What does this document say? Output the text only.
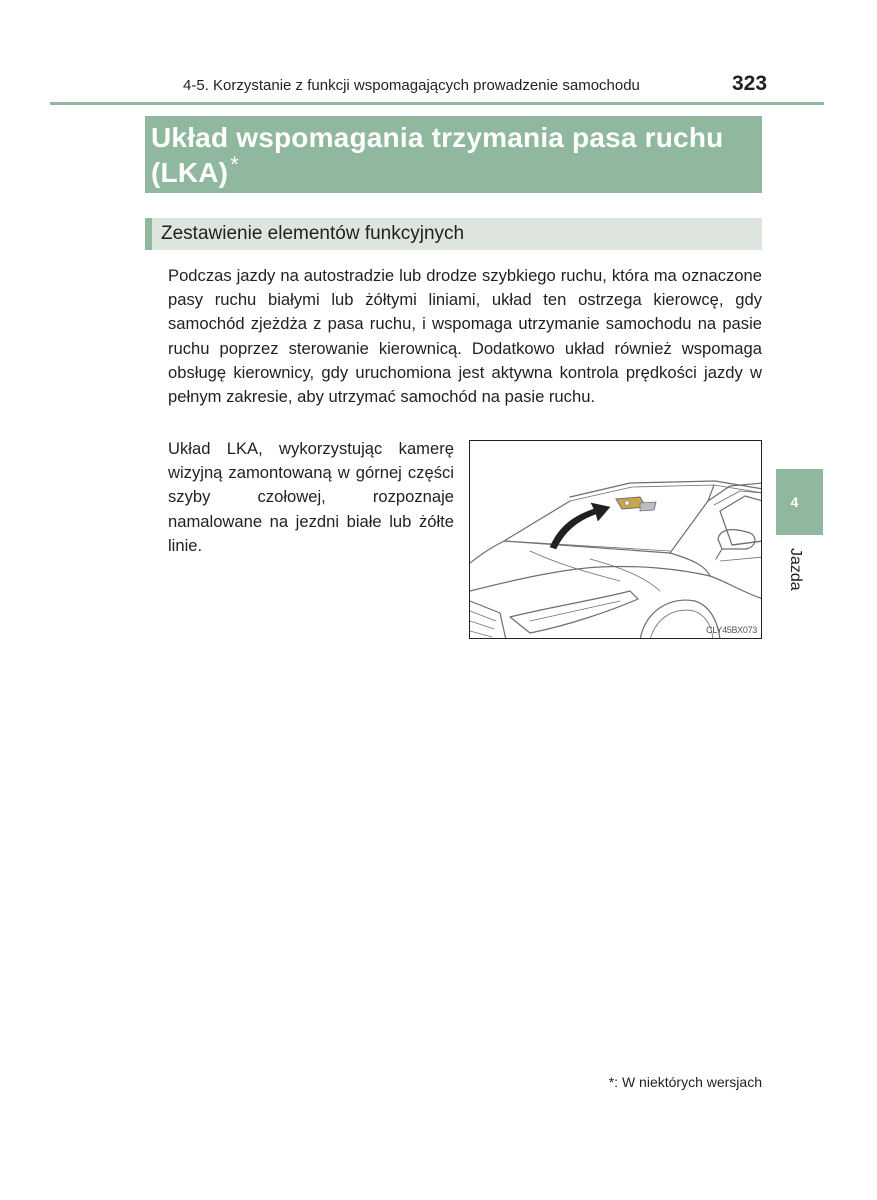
4-5. Korzystanie z funkcji wspomagających prowadzenie samochodu	323
Układ wspomagania trzymania pasa ruchu (LKA)*
Zestawienie elementów funkcyjnych

Podczas jazdy na autostradzie lub drodze szybkiego ruchu, która ma oznaczone pasy ruchu białymi lub żółtymi liniami, układ ten ostrzega kierowcę, gdy samochód zjeżdża z pasa ruchu, i wspomaga utrzymanie samochodu na pasie ruchu poprzez sterowanie kierownicą. Dodatkowo układ również wspomaga obsługę kierownicy, gdy uruchomiona jest aktywna kontrola prędkości jazdy w pełnym zakresie, aby utrzymać samochód na pasie ruchu.

Układ LKA, wykorzystując kamerę wizyjną zamontowaną w górnej części szyby czołowej, rozpoznaje namalowane na jezdni białe lub żółte linie.

CLY45BX073
4
Jazda
*: W niektórych wersjach
